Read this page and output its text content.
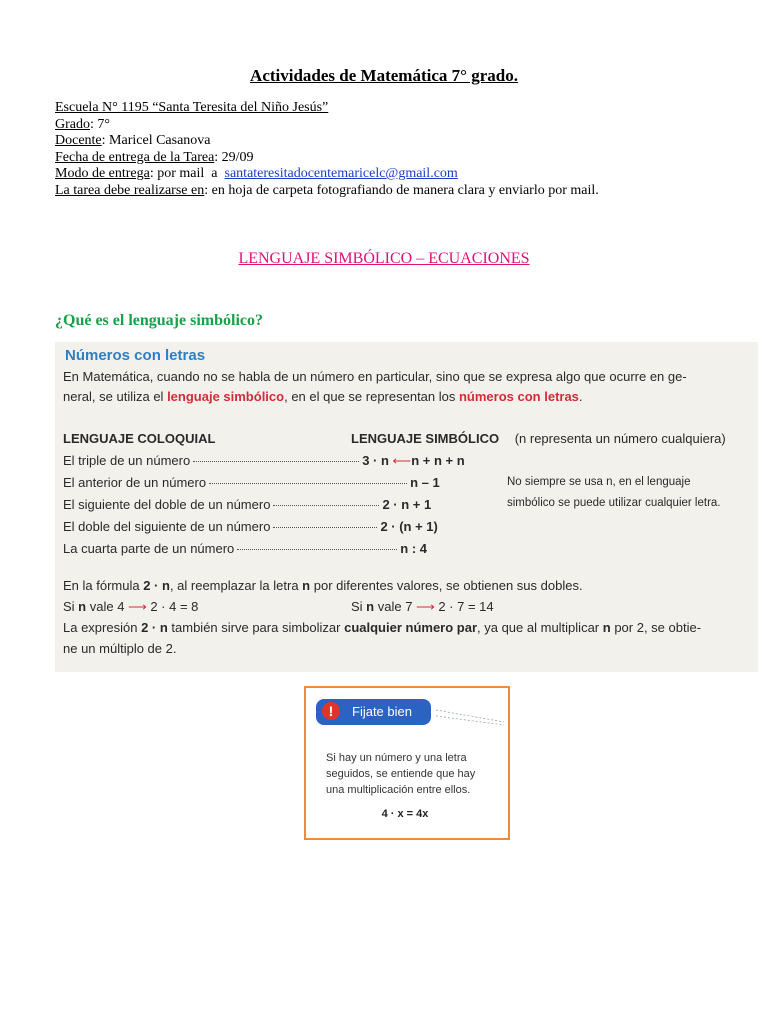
Actividades de Matemática 7° grado.
Escuela N° 1195 “Santa Teresita del Niño Jesús”
Grado: 7°
Docente: Maricel Casanova
Fecha de entrega de la Tarea: 29/09
Modo de entrega: por mail  a  santateresitadocentemaricelc@gmail.com
La tarea debe realizarse en: en hoja de carpeta fotografiando de manera clara y enviarlo por mail.
LENGUAJE SIMBÓLICO – ECUACIONES
¿Qué es el lenguaje simbólico?
Números con letras
En Matemática, cuando no se habla de un número en particular, sino que se expresa algo que ocurre en ge-
neral, se utiliza el lenguaje simbólico, en el que se representan los números con letras.
LENGUAJE COLOQUIAL	LENGUAJE SIMBÓLICO (n representa un número cualquiera)
El triple de un número	3 · n ⟵n + n + n
El anterior de un número	n – 1
El siguiente del doble de un número	2 · n + 1
El doble del siguiente de un número	2 · (n + 1)
La cuarta parte de un número	n : 4
No siempre se usa n, en el lenguaje
simbólico se puede utilizar cualquier letra.
En la fórmula 2 · n, al reemplazar la letra n por diferentes valores, se obtienen sus dobles.
Si n vale 4 ⟶ 2 · 4 = 8	Si n vale 7 ⟶ 2 · 7 = 14
La expresión 2 · n también sirve para simbolizar cualquier número par, ya que al multiplicar n por 2, se obtie-
ne un múltiplo de 2.
!	Fijate bien
Si hay un número y una letra
seguidos, se entiende que hay
una multiplicación entre ellos.
4 · x = 4x
